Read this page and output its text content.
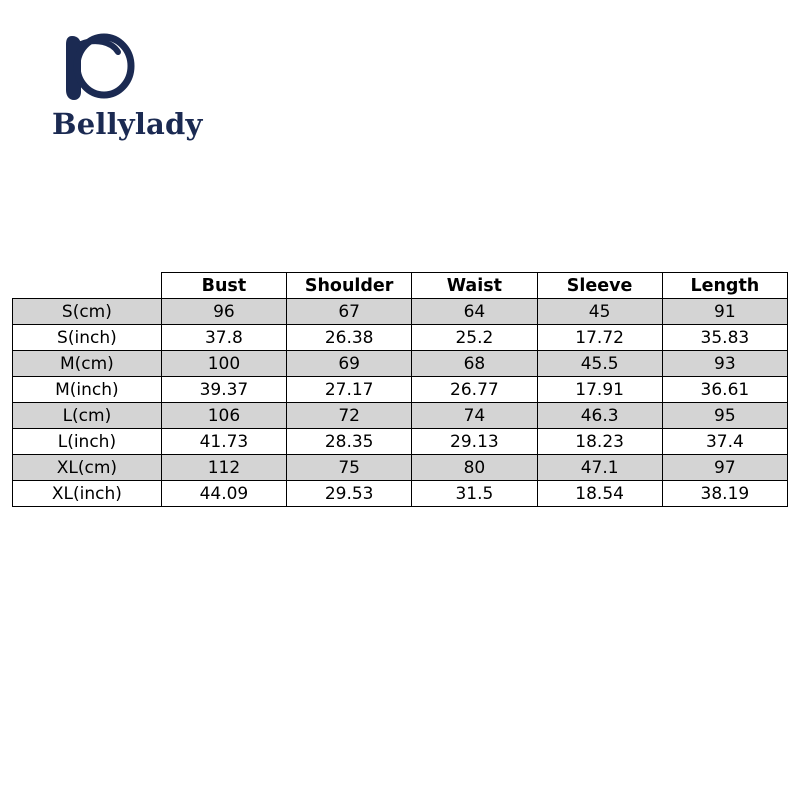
Bellylady
	Bust	Shoulder	Waist	Sleeve	Length
S(cm)	96	67	64	45	91
S(inch)	37.8	26.38	25.2	17.72	35.83
M(cm)	100	69	68	45.5	93
M(inch)	39.37	27.17	26.77	17.91	36.61
L(cm)	106	72	74	46.3	95
L(inch)	41.73	28.35	29.13	18.23	37.4
XL(cm)	112	75	80	47.1	97
XL(inch)	44.09	29.53	31.5	18.54	38.19
